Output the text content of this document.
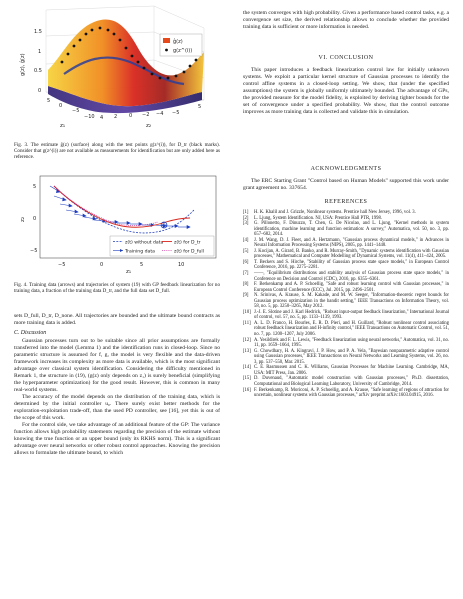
1.5
1
0.5
0
g(z), ĝ(z)
5
0
−5
−10
z₁
4 2 0 −2 −4 −5
5
z₂
ĝ(z)
g(z^(i))

Fig. 3. The estimate ĝ(z) (surface) along with the test points g(z^(i)), for D_tr (black marks). Consider that g(z^(i)) are not available as measurements for identification but are only added here as reference.

5
0
−5
−5	0	5	10
z₂
z₁
z(t) without data
Training data
z(t) for D_tr
z(t) for D_full

Fig. 4. Training data (arrows) and trajectories of system (19) with GP feedback linearization for no training data, a fraction of the training data D_tr, and the full data set D_full.

sets D_full, D_tr, D_none. All trajectories are bounded and the ultimate bound contracts as more training data is added.

C. Discussion

Gaussian processes turn out to be suitable since all prior assumptions are formally transferred into the model (Lemma 1) and the identification runs in closed-loop. Since no parametric structure is assumed for f, g, the model is very flexible and the data-driven framework increases its complexity as more data is available, which is the most significant advantage over classical system identification. Considering the difficulty mentioned in Remark 1, the structure in (19), (g(z) only depends on z₁) is surely beneficial (simplifying the hyperparameter optimization) for the good result. However, this is common in many real-world systems.

The accuracy of the model depends on the distribution of the training data, which is determined by the initial controller u₀. There surely exist better methods for the exploration-exploitation trade-off, than the used PD controller, see [16], yet this is out of the scope of this work.

For the control side, we take advantage of an additional feature of the GP: The variance function allows high probability statements regarding the precision of the estimate without knowing the true function or an upper bound (only its RKHS norm). This is a significant advantage over neural networks or other robust control approaches. Knowing the precision allows to formulate the ultimate bound, to which

the system converges with high probability. Given a performance based control tasks, e.g. a convergence set size, the derived relationship allows to conclude whether the provided training data is sufficient or more information is needed.

VI. CONCLUSION

This paper introduces a feedback linearization control law for initially unknown systems. We exploit a particular kernel structure of Gaussian processes to identify the control affine systems in a closed-loop setting. We show, that (under the specified assumptions) the system is globally uniformly ultimately bounded. The advantage of GPs, the provided measure for the model fidelity, is exploited by deriving tighter bounds for the set of convergence under a specified probability. We show, that the control outcome improves as more training data is collected and validate this in simulation.

ACKNOWLEDGMENTS

The ERC Starting Grant "Control based on Human Models" supported this work under grant agreement no. 337654.

REFERENCES

[1]	H. K. Khalil and J. Grizzle, Nonlinear systems. Prentice hall New Jersey, 1996, vol. 3.
[2]	L. Ljung, System Identification. NJ, USA: Prentice Hall PTR, 1998.
[3]	G. Pillonetto, F. Dinuzzo, T. Chen, G. De Nicolao, and L. Ljung, "Kernel methods in system identification, machine learning and function estimation: A survey," Automatica, vol. 50, no. 3, pp. 657–682, 2014.
[4]	J. M. Wang, D. J. Fleet, and A. Hertzmann, "Gaussian process dynamical models," in Advances in Neural Information Processing Systems (NIPS), 2005, pp. 1441–1448.
[5]	J. Kocijan, A. Girard, B. Banko, and R. Murray-Smith, "Dynamic systems identification with Gaussian processes," Mathematical and Computer Modelling of Dynamical Systems, vol. 11(4), 411–424, 2005.
[6]	T. Beckers and S. Hirche, "Stability of Gaussian process state space models," in European Control Conference, 2016, pp. 2275–2281.
[7]	——, "Equilibrium distributions and stability analysis of Gaussian process state space models," in Conference on Decision and Control (CDC), 2016, pp. 6355–6361.
[8]	F. Berkenkamp and A. P. Schoellig, "Safe and robust learning control with Gaussian processes," in European Control Conference (ECC), Jul. 2015, pp. 2496–2501.
[9]	N. Srinivas, A. Krause, S. M. Kakade, and M. W. Seeger, "Information-theoretic regret bounds for Gaussian process optimization in the bandit setting," IEEE Transactions on Information Theory, vol. 58, no. 5, pp. 3250–3265, May 2012.
[10] J.-J. E. Slotine and J. Karl Hedrick, "Robust input-output feedback linearization," International Journal of control, vol. 57, no. 5, pp. 1133–1139, 1993.
[11] A. L. D. Franco, H. Bourles, E. R. D. Pieri, and H. Guillard, "Robust nonlinear control associating robust feedback linearization and H-infinity control," IEEE Transactions on Automatic Control, vol. 51, no. 7, pp. 1200–1207, July 2006.
[12] A. Yesildirek and F. L. Lewis, "Feedback linearization using neural networks," Automatica, vol. 31, no. 11, pp. 1659–1664, 1995.
[13] G. Chowdhary, H. A. Kingravi, J. P. How, and P. A. Vela, "Bayesian nonparametric adaptive control using Gaussian processes," IEEE Transactions on Neural Networks and Learning Systems, vol. 26, no. 3, pp. 537–550, Mar. 2015.
[14] C. E. Rasmussen and C. K. Williams, Gaussian Processes for Machine Learning. Cambridge, MA, USA: MIT Press, Jan. 2006.
[15] D. Duvenaud, "Automatic model construction with Gaussian processes," Ph.D. dissertation, Computational and Biological Learning Laboratory, University of Cambridge, 2014.
[16] F. Berkenkamp, R. Moriconi, A. P. Schoellig, and A. Krause, "Safe learning of regions of attraction for uncertain, nonlinear systems with Gaussian processes," arXiv preprint arXiv:1603.04915, 2016.
